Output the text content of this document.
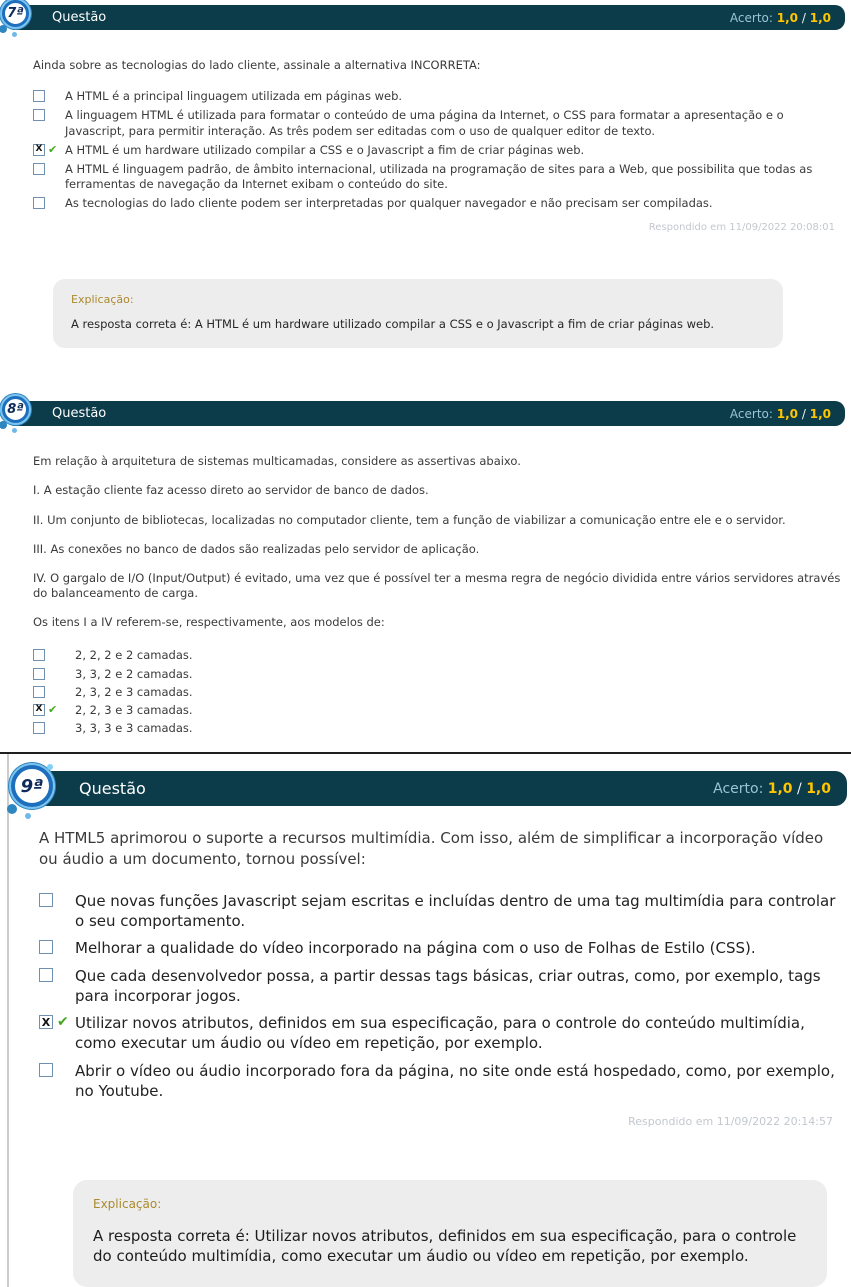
7ª Questão	Acerto: 1,0 / 1,0

Ainda sobre as tecnologias do lado cliente, assinale a alternativa INCORRETA:

A HTML é a principal linguagem utilizada em páginas web.
A linguagem HTML é utilizada para formatar o conteúdo de uma página da Internet, o CSS para formatar a apresentação e o Javascript, para permitir interação. As três podem ser editadas com o uso de qualquer editor de texto.
X ✔ A HTML é um hardware utilizado compilar a CSS e o Javascript a fim de criar páginas web.
A HTML é linguagem padrão, de âmbito internacional, utilizada na programação de sites para a Web, que possibilita que todas as ferramentas de navegação da Internet exibam o conteúdo do site.
As tecnologias do lado cliente podem ser interpretadas por qualquer navegador e não precisam ser compiladas.
Respondido em 11/09/2022 20:08:01
Explicação:

A resposta correta é: A HTML é um hardware utilizado compilar a CSS e o Javascript a fim de criar páginas web.

8ª Questão	Acerto: 1,0 / 1,0

Em relação à arquitetura de sistemas multicamadas, considere as assertivas abaixo.

I. A estação cliente faz acesso direto ao servidor de banco de dados.

II. Um conjunto de bibliotecas, localizadas no computador cliente, tem a função de viabilizar a comunicação entre ele e o servidor.

III. As conexões no banco de dados são realizadas pelo servidor de aplicação.

IV. O gargalo de I/O (Input/Output) é evitado, uma vez que é possível ter a mesma regra de negócio dividida entre vários servidores através do balanceamento de carga.

Os itens I a IV referem-se, respectivamente, aos modelos de:

2, 2, 2 e 2 camadas.
3, 3, 2 e 2 camadas.
2, 3, 2 e 3 camadas.
X ✔ 2, 2, 3 e 3 camadas.
3, 3, 3 e 3 camadas.
9ª Questão	Acerto: 1,0 / 1,0

A HTML5 aprimorou o suporte a recursos multimídia. Com isso, além de simplificar a incorporação vídeo ou áudio a um documento, tornou possível:

Que novas funções Javascript sejam escritas e incluídas dentro de uma tag multimídia para controlar o seu comportamento.
Melhorar a qualidade do vídeo incorporado na página com o uso de Folhas de Estilo (CSS).
Que cada desenvolvedor possa, a partir dessas tags básicas, criar outras, como, por exemplo, tags para incorporar jogos.
X ✔ Utilizar novos atributos, definidos em sua especificação, para o controle do conteúdo multimídia, como executar um áudio ou vídeo em repetição, por exemplo.
Abrir o vídeo ou áudio incorporado fora da página, no site onde está hospedado, como, por exemplo, no Youtube.
Respondido em 11/09/2022 20:14:57
Explicação:

A resposta correta é: Utilizar novos atributos, definidos em sua especificação, para o controle do conteúdo multimídia, como executar um áudio ou vídeo em repetição, por exemplo.
